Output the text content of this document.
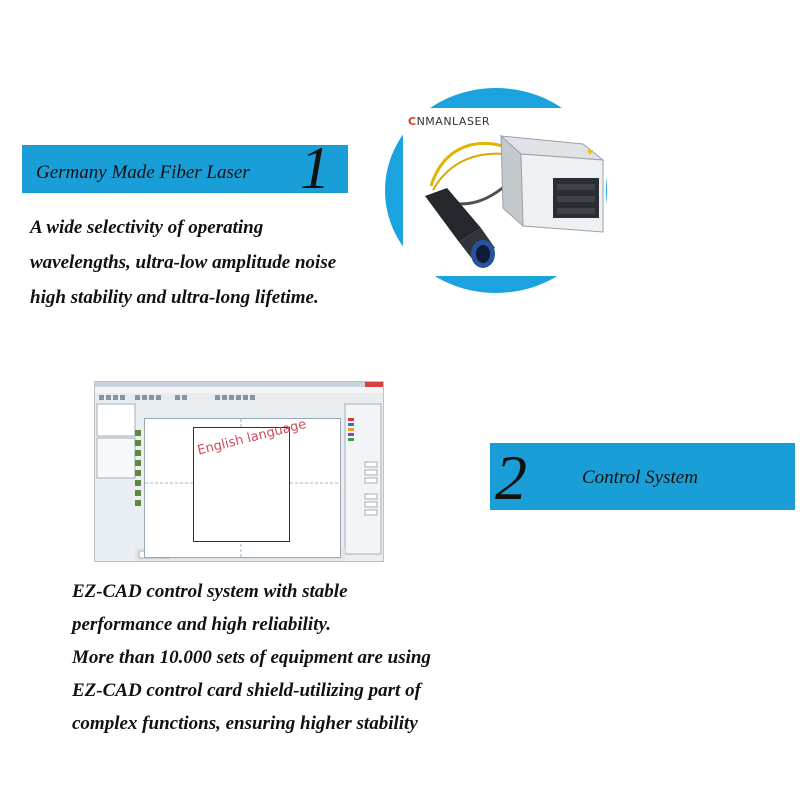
Germany Made Fiber Laser 1
A wide selectivity of operating
wavelengths, ultra-low amplitude noise
high stability and ultra-long lifetime.
CNMANLASER
English language
2	Control System
EZ-CAD control system with stable
performance and high reliability.
More than 10.000 sets of equipment are using
EZ-CAD control card shield-utilizing part of
complex functions, ensuring higher stability
